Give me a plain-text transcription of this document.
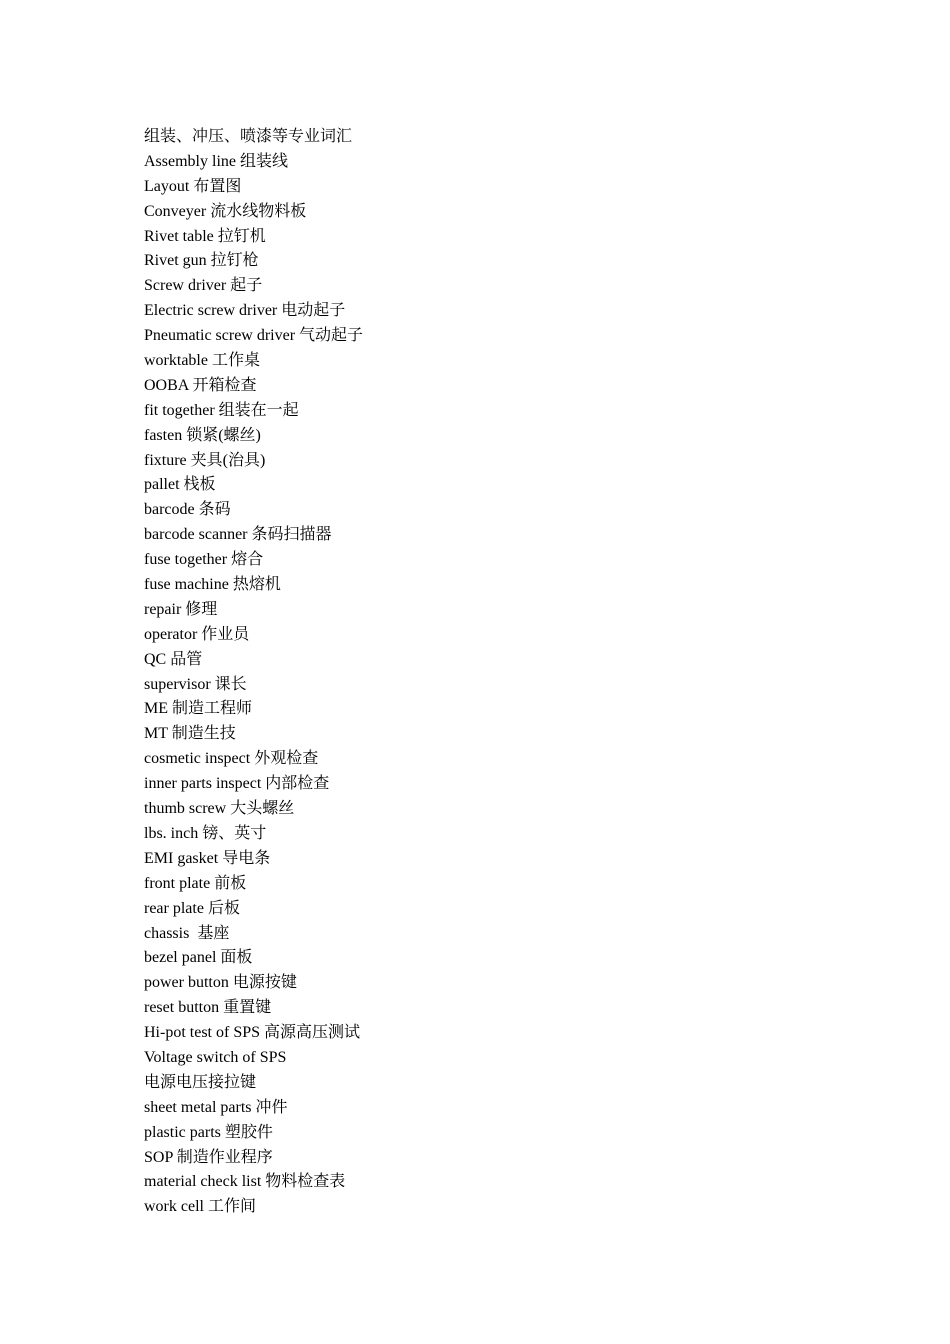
组装、冲压、喷漆等专业词汇
Assembly line 组装线
Layout 布置图
Conveyer 流水线物料板
Rivet table 拉钉机
Rivet gun 拉钉枪
Screw driver 起子
Electric screw driver 电动起子
Pneumatic screw driver 气动起子
worktable 工作桌
OOBA 开箱检查
fit together 组装在一起
fasten 锁紧(螺丝)
fixture 夹具(治具)
pallet 栈板
barcode 条码
barcode scanner 条码扫描器
fuse together 熔合
fuse machine 热熔机
repair 修理
operator 作业员
QC 品管
supervisor 课长
ME 制造工程师
MT 制造生技
cosmetic inspect 外观检查
inner parts inspect 内部检查
thumb screw 大头螺丝
lbs. inch 镑、英寸
EMI gasket 导电条
front plate 前板
rear plate 后板
chassis  基座
bezel panel 面板
power button 电源按键
reset button 重置键
Hi-pot test of SPS 高源高压测试
Voltage switch of SPS
电源电压接拉键
sheet metal parts 冲件
plastic parts 塑胶件
SOP 制造作业程序
material check list 物料检查表
work cell 工作间
